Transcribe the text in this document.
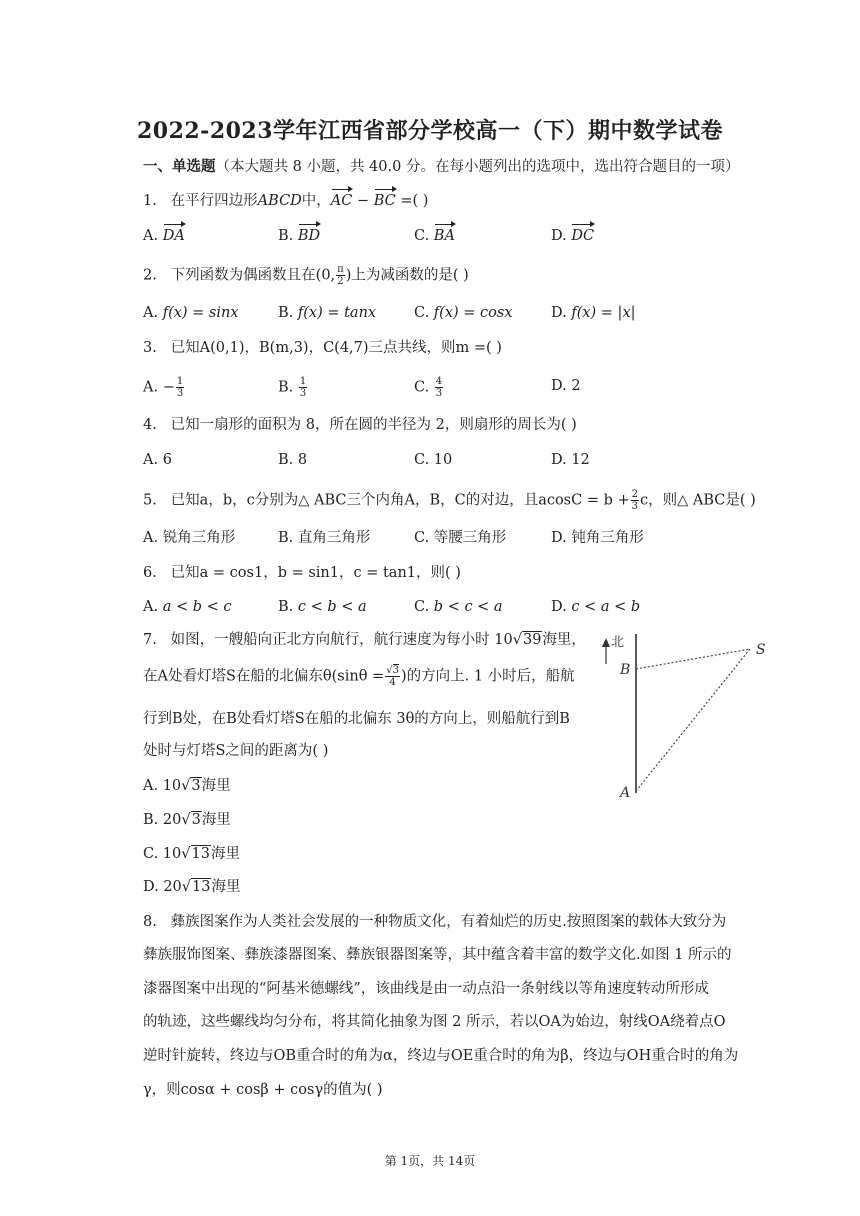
2022-2023学年江西省部分学校高一（下）期中数学试卷
一、单选题（本大题共 8 小题，共 40.0 分。在每小题列出的选项中，选出符合题目的一项）
1. 在平行四边形ABCD中，AC − BC =( )
A. DA	B. BD	C. BA	D. DC
2. 下列函数为偶函数且在(0, $\frac{\pi}{2}$ )上为减函数的是( )
A. f(x) = sinx	B. f(x) = tanx	C. f(x) = cosx	D. f(x) = |x|
3. 已知A(0,1)，B(m,3)，C(4,7)三点共线，则m =( )
A. − $\frac{1}{3}$	B. $\frac{1}{3}$	C. $\frac{4}{3}$	D. 2
4. 已知一扇形的面积为 8，所在圆的半径为 2，则扇形的周长为( )
A. 6	B. 8	C. 10	D. 12
5. 已知a，b，c分别为△ ABC三个内角A，B，C的对边，且$acosC = b + \frac{2}{3}$ c，则△ ABC是( )
A. 锐角三角形	B. 直角三角形	C. 等腰三角形	D. 钝角三角形
6. 已知a = cos1，b = sin1，c = tan1，则( )
A. a < b < c	B. c < b < a	C. b < c < a	D. c < a < b
7. 如图，一艘船向正北方向航行，航行速度为每小时 10√39海里，
在A处看灯塔S在船的北偏东$\theta(\sin\theta = \frac{√3}{4}$ )的方向上. 1 小时后，船航
行到B处，在B处看灯塔S在船的北偏东 3θ的方向上，则船航行到B
处时与灯塔S之间的距离为( )
A. 10√3海里
B. 20√3海里
C. 10√13海里
D. 20√13海里
北
B
A
S
8. 彝族图案作为人类社会发展的一种物质文化，有着灿烂的历史.按照图案的载体大致分为
彝族服饰图案、彝族漆器图案、彝族银器图案等，其中蕴含着丰富的数学文化.如图 1 所示的
漆器图案中出现的“阿基米德螺线”，该曲线是由一动点沿一条射线以等角速度转动所形成
的轨迹，这些螺线均匀分布，将其简化抽象为图 2 所示，若以OA为始边，射线OA绕着点O
逆时针旋转，终边与OB重合时的角为α，终边与OE重合时的角为β，终边与OH重合时的角为
γ，则cosα + cosβ + cosγ的值为( )
第 1页，共 14页
